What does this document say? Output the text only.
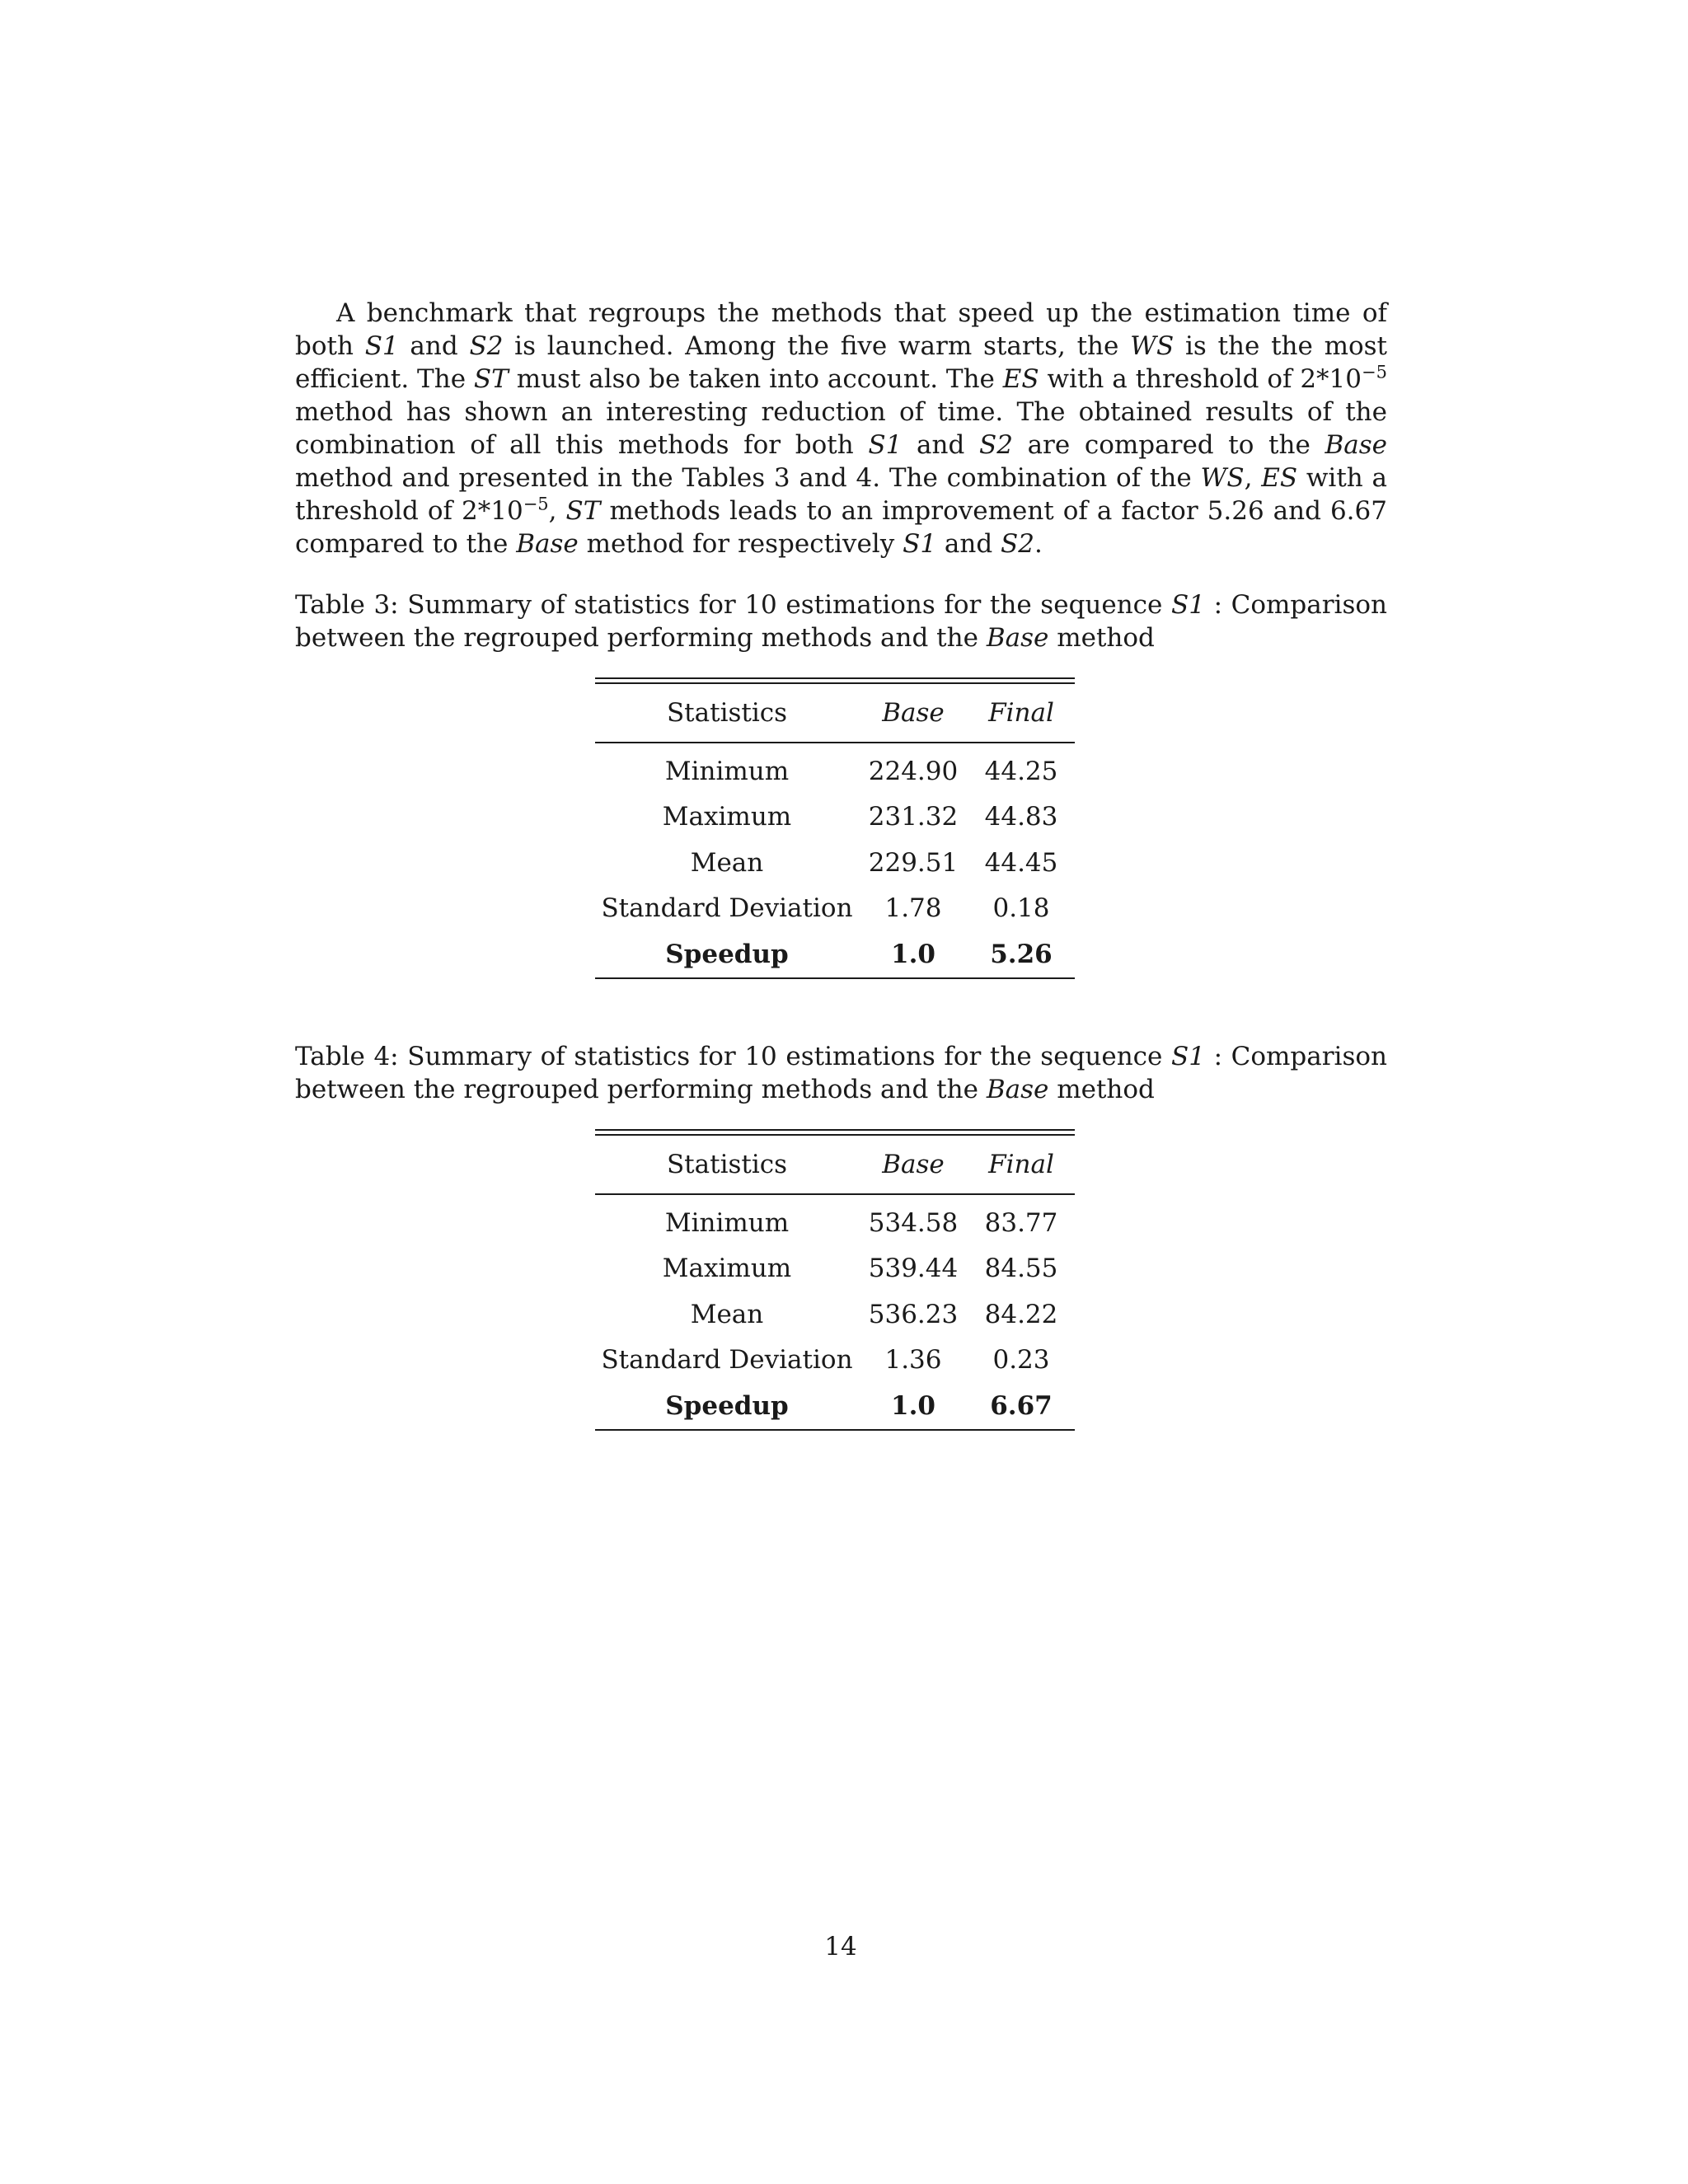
A benchmark that regroups the methods that speed up the estimation time of both S1 and S2 is launched. Among the five warm starts, the WS is the the most efficient. The ST must also be taken into account. The ES with a threshold of $2*10^{-5}$ method has shown an interesting reduction of time. The obtained results of the combination of all this methods for both S1 and S2 are compared to the Base method and presented in the Tables 3 and 4. The combination of the WS, ES with a threshold of $2*10^{-5}$, ST methods leads to an improvement of a factor 5.26 and 6.67 compared to the Base method for respectively S1 and S2.

Table 3: Summary of statistics for 10 estimations for the sequence S1 : Comparison between the regrouped performing methods and the Base method

Statistics	Base	Final
Minimum	224.90	44.25
Maximum	231.32	44.83
Mean	229.51	44.45
Standard Deviation	1.78	0.18
Speedup	1.0	5.26

Table 4: Summary of statistics for 10 estimations for the sequence S1 : Comparison between the regrouped performing methods and the Base method

Statistics	Base	Final
Minimum	534.58	83.77
Maximum	539.44	84.55
Mean	536.23	84.22
Standard Deviation	1.36	0.23
Speedup	1.0	6.67
14
